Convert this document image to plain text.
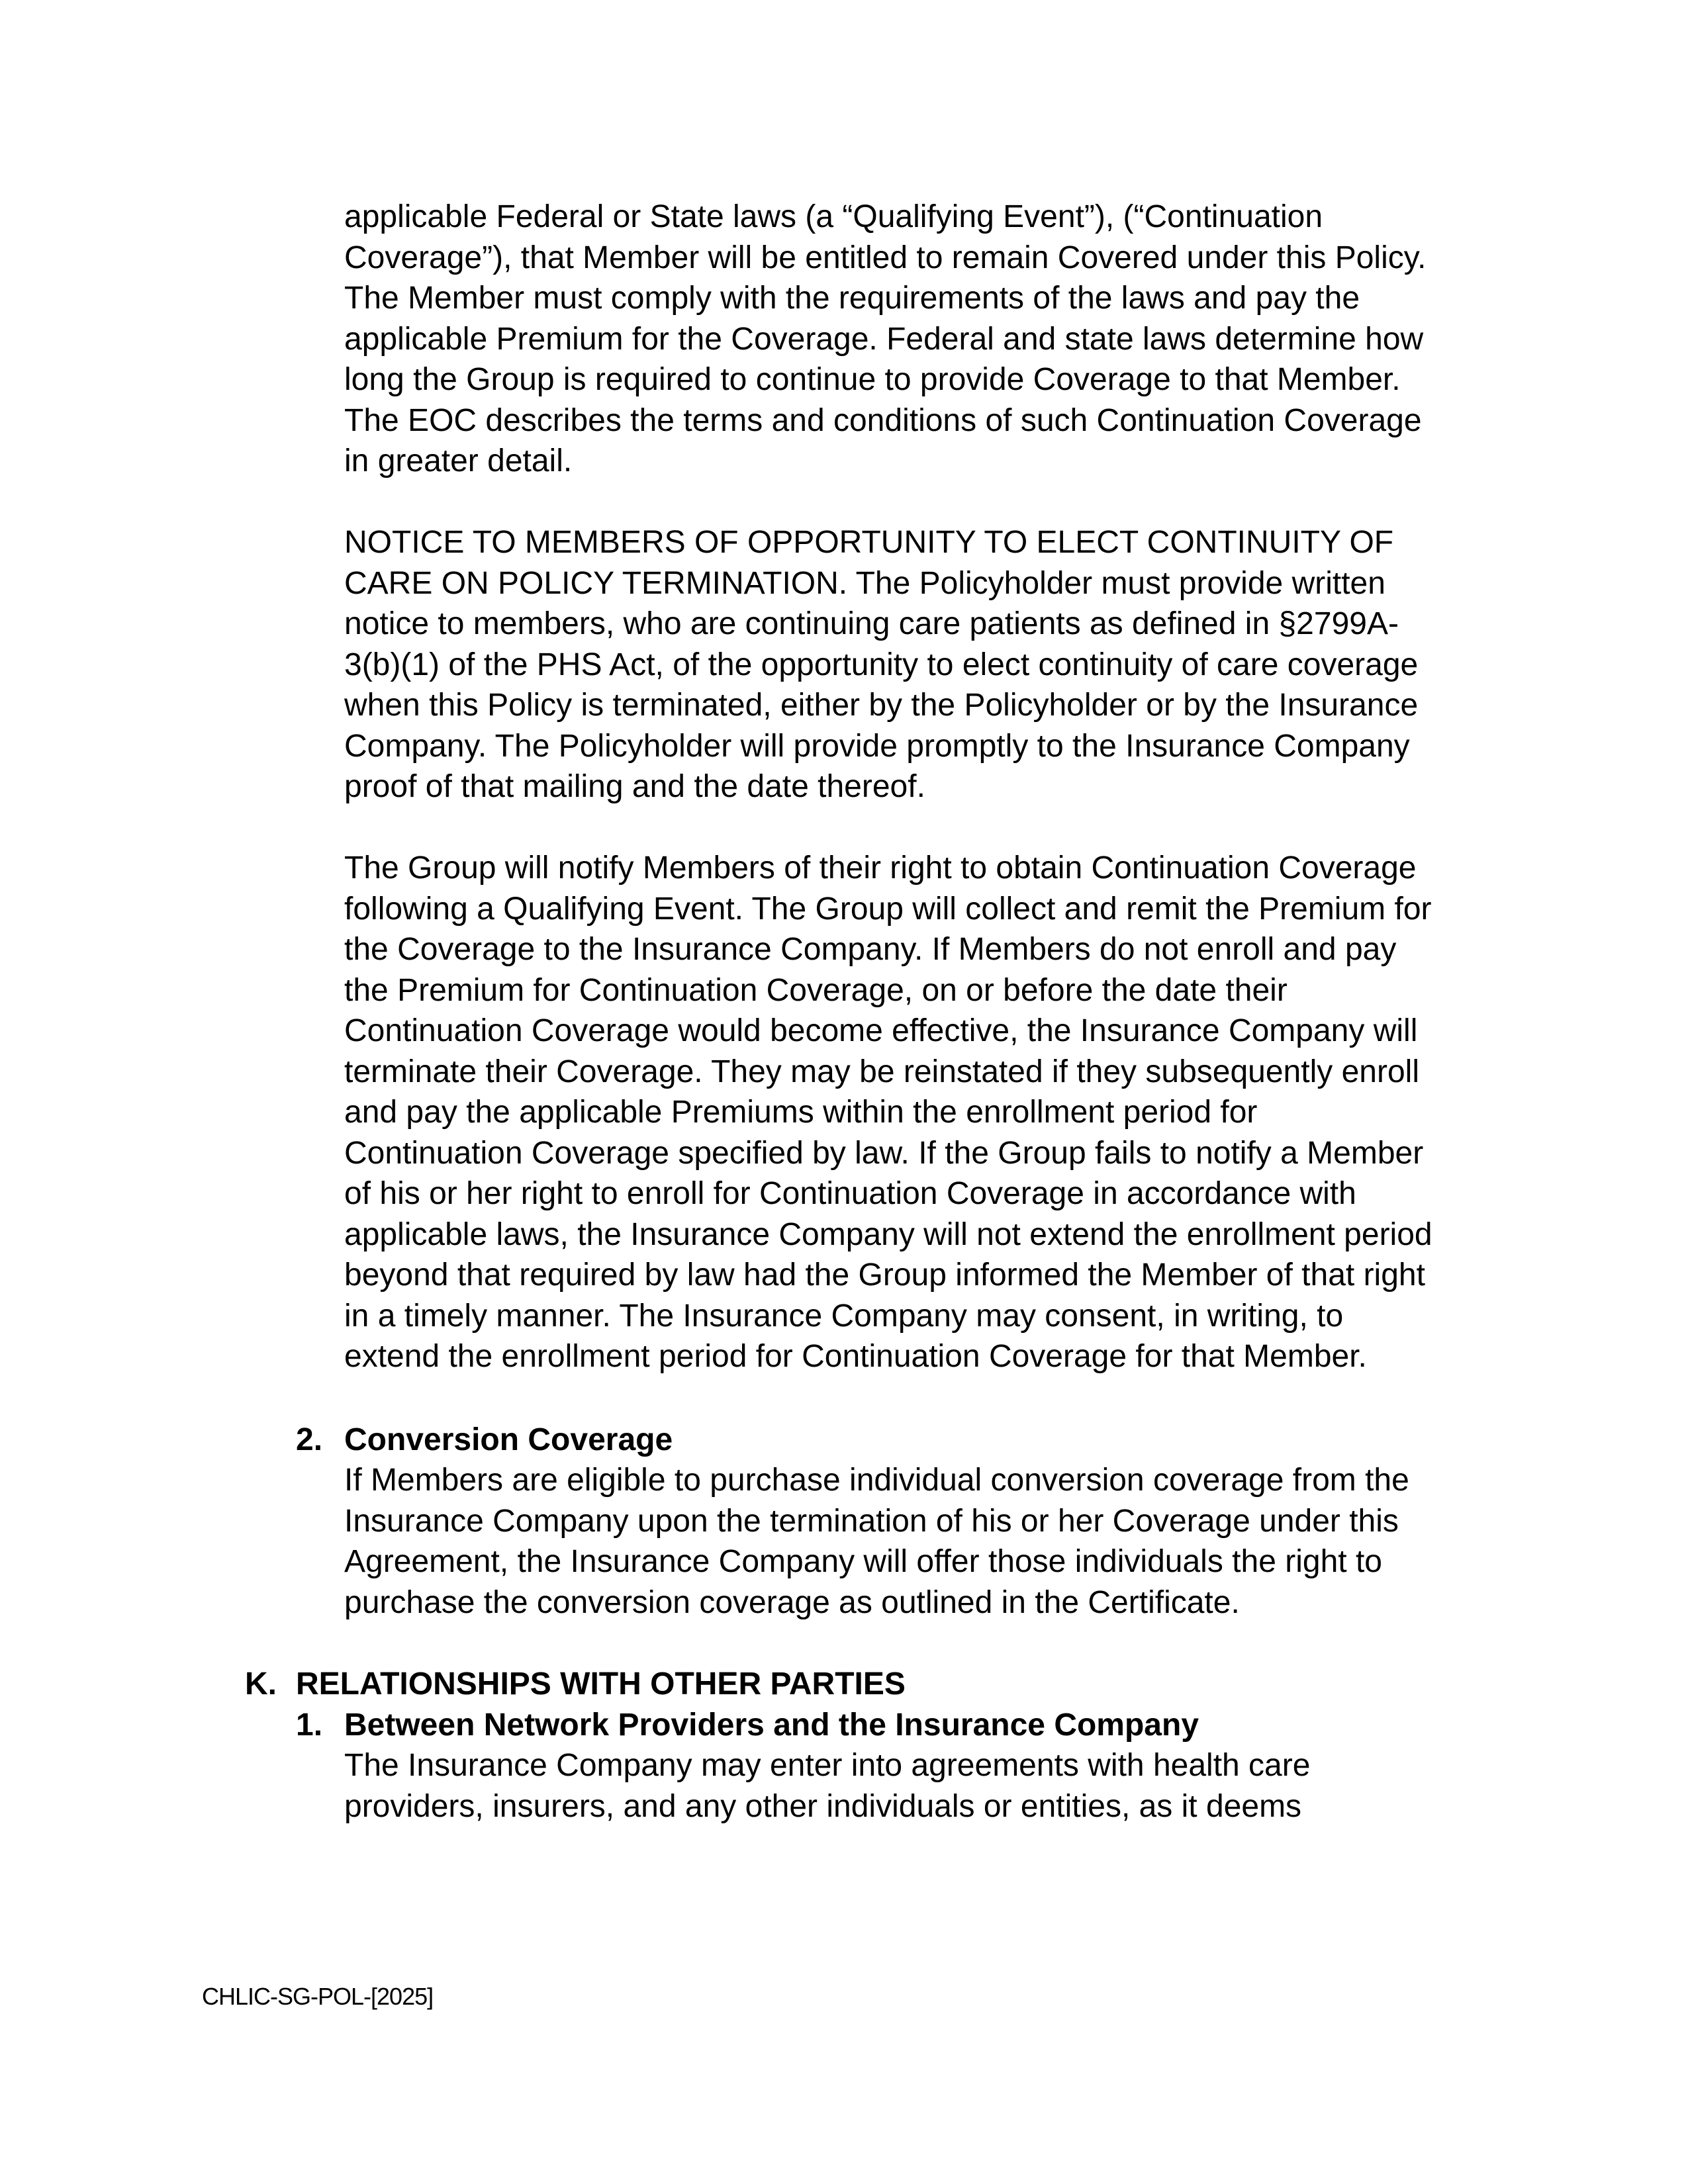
applicable Federal or State laws (a “Qualifying Event”), (“Continuation
Coverage”), that Member will be entitled to remain Covered under this Policy.
The Member must comply with the requirements of the laws and pay the
applicable Premium for the Coverage. Federal and state laws determine how
long the Group is required to continue to provide Coverage to that Member.
The EOC describes the terms and conditions of such Continuation Coverage
in greater detail.

NOTICE TO MEMBERS OF OPPORTUNITY TO ELECT CONTINUITY OF
CARE ON POLICY TERMINATION. The Policyholder must provide written
notice to members, who are continuing care patients as defined in §2799A-
3(b)(1) of the PHS Act, of the opportunity to elect continuity of care coverage
when this Policy is terminated, either by the Policyholder or by the Insurance
Company. The Policyholder will provide promptly to the Insurance Company
proof of that mailing and the date thereof.

The Group will notify Members of their right to obtain Continuation Coverage
following a Qualifying Event. The Group will collect and remit the Premium for
the Coverage to the Insurance Company. If Members do not enroll and pay
the Premium for Continuation Coverage, on or before the date their
Continuation Coverage would become effective, the Insurance Company will
terminate their Coverage. They may be reinstated if they subsequently enroll
and pay the applicable Premiums within the enrollment period for
Continuation Coverage specified by law. If the Group fails to notify a Member
of his or her right to enroll for Continuation Coverage in accordance with
applicable laws, the Insurance Company will not extend the enrollment period
beyond that required by law had the Group informed the Member of that right
in a timely manner. The Insurance Company may consent, in writing, to
extend the enrollment period for Continuation Coverage for that Member.

2. Conversion Coverage

If Members are eligible to purchase individual conversion coverage from the
Insurance Company upon the termination of his or her Coverage under this
Agreement, the Insurance Company will offer those individuals the right to
purchase the conversion coverage as outlined in the Certificate.

K. RELATIONSHIPS WITH OTHER PARTIES
1. Between Network Providers and the Insurance Company

The Insurance Company may enter into agreements with health care
providers, insurers, and any other individuals or entities, as it deems

CHLIC-SG-POL-[2025]
